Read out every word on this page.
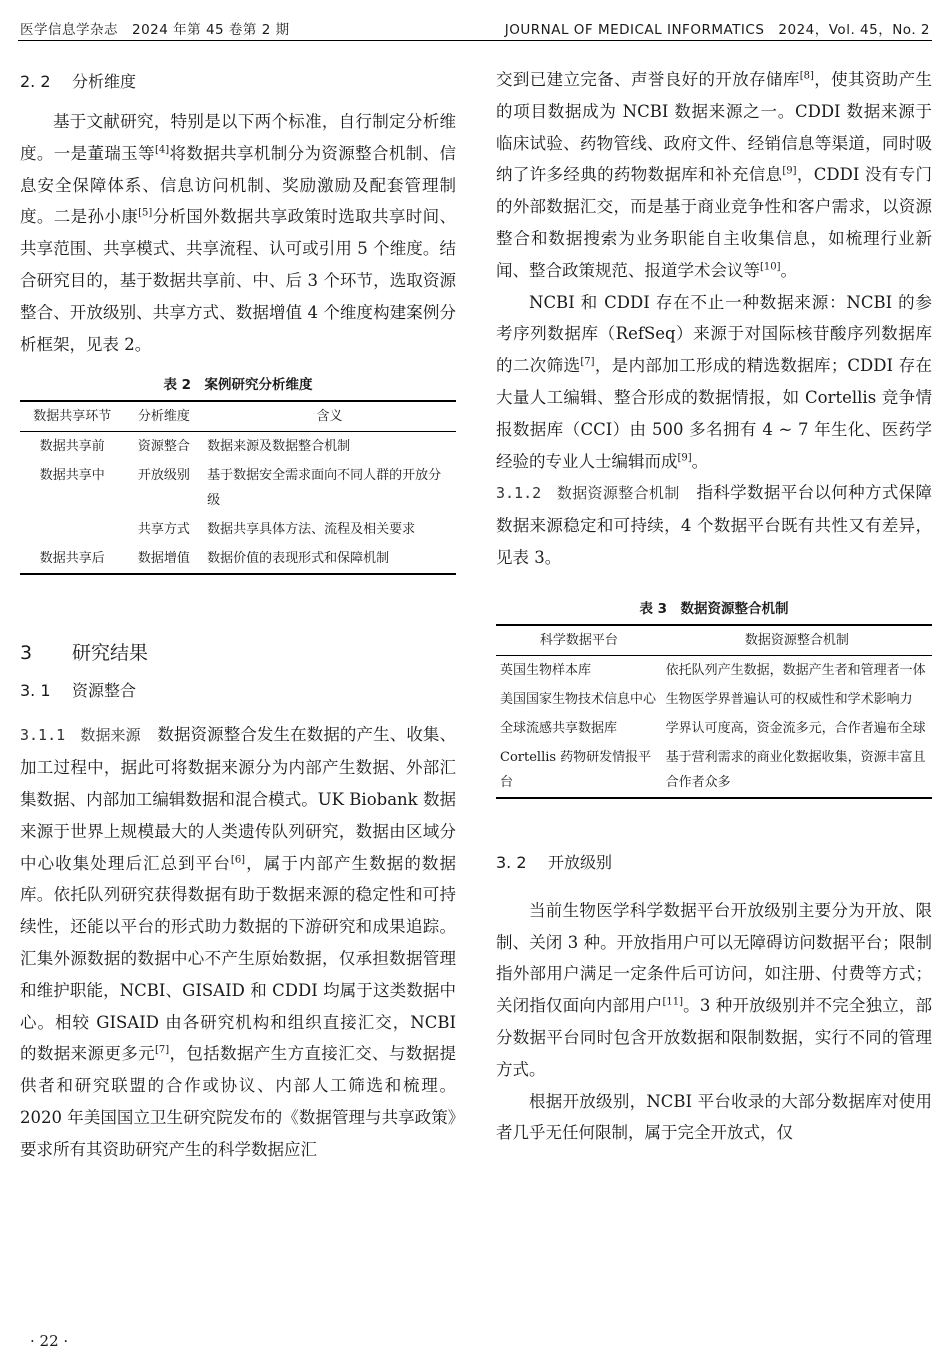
医学信息学杂志　2024 年第 45 卷第 2 期	JOURNAL OF MEDICAL INFORMATICS　2024，Vol. 45，No. 2
2. 2 分析维度

基于文献研究，特别是以下两个标准，自行制定分析维度。一是董瑞玉等[4]将数据共享机制分为资源整合机制、信息安全保障体系、信息访问机制、奖励激励及配套管理制度。二是孙小康[5]分析国外数据共享政策时选取共享时间、共享范围、共享模式、共享流程、认可或引用 5 个维度。结合研究目的，基于数据共享前、中、后 3 个环节，选取资源整合、开放级别、共享方式、数据增值 4 个维度构建案例分析框架，见表 2。

表 2　案例研究分析维度
数据共享环节	分析维度	含义
数据共享前	资源整合	数据来源及数据整合机制
数据共享中	开放级别	基于数据安全需求面向不同人群的开放分级
	共享方式	数据共享具体方法、流程及相关要求
数据共享后	数据增值	数据价值的表现形式和保障机制
3 研究结果
3. 1 资源整合

3.1.1　数据来源　数据资源整合发生在数据的产生、收集、加工过程中，据此可将数据来源分为内部产生数据、外部汇集数据、内部加工编辑数据和混合模式。UK Biobank 数据来源于世界上规模最大的人类遗传队列研究，数据由区域分中心收集处理后汇总到平台[6]，属于内部产生数据的数据库。依托队列研究获得数据有助于数据来源的稳定性和可持续性，还能以平台的形式助力数据的下游研究和成果追踪。汇集外源数据的数据中心不产生原始数据，仅承担数据管理和维护职能，NCBI、GISAID 和 CDDI 均属于这类数据中心。相较 GISAID 由各研究机构和组织直接汇交，NCBI 的数据来源更多元[7]，包括数据产生方直接汇交、与数据提供者和研究联盟的合作或协议、内部人工筛选和梳理。2020 年美国国立卫生研究院发布的《数据管理与共享政策》要求所有其资助研究产生的科学数据应汇

交到已建立完备、声誉良好的开放存储库[8]，使其资助产生的项目数据成为 NCBI 数据来源之一。CDDI 数据来源于临床试验、药物管线、政府文件、经销信息等渠道，同时吸纳了许多经典的药物数据库和补充信息[9]，CDDI 没有专门的外部数据汇交，而是基于商业竞争性和客户需求，以资源整合和数据搜索为业务职能自主收集信息，如梳理行业新闻、整合政策规范、报道学术会议等[10]。

NCBI 和 CDDI 存在不止一种数据来源：NCBI 的参考序列数据库（RefSeq）来源于对国际核苷酸序列数据库的二次筛选[7]，是内部加工形成的精选数据库；CDDI 存在大量人工编辑、整合形成的数据情报，如 Cortellis 竞争情报数据库（CCI）由 500 多名拥有 4 ~ 7 年生化、医药学经验的专业人士编辑而成[9]。

3.1.2　数据资源整合机制　指科学数据平台以何种方式保障数据来源稳定和可持续，4 个数据平台既有共性又有差异，见表 3。

表 3　数据资源整合机制
科学数据平台	数据资源整合机制
英国生物样本库	依托队列产生数据，数据产生者和管理者一体
美国国家生物技术信息中心	生物医学界普遍认可的权威性和学术影响力
全球流感共享数据库	学界认可度高，资金流多元，合作者遍布全球
Cortellis 药物研发情报平台	基于营利需求的商业化数据收集，资源丰富且合作者众多
3. 2 开放级别

当前生物医学科学数据平台开放级别主要分为开放、限制、关闭 3 种。开放指用户可以无障碍访问数据平台；限制指外部用户满足一定条件后可访问，如注册、付费等方式；关闭指仅面向内部用户[11]。3 种开放级别并不完全独立，部分数据平台同时包含开放数据和限制数据，实行不同的管理方式。

根据开放级别，NCBI 平台收录的大部分数据库对使用者几乎无任何限制，属于完全开放式，仅

· 22 ·
